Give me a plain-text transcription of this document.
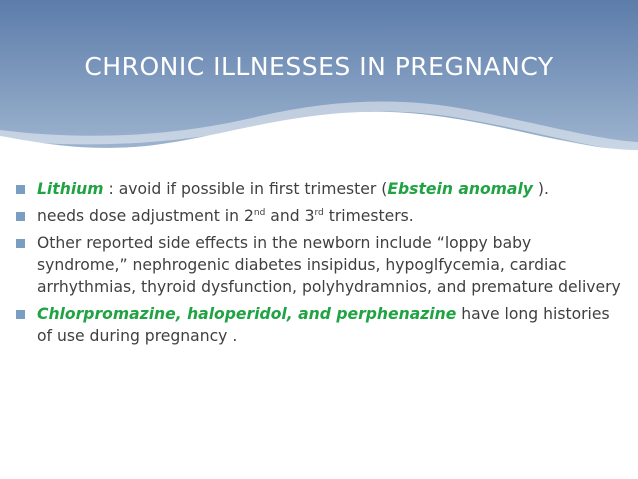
CHRONIC ILLNESSES IN PREGNANCY
Lithium : avoid if possible in first trimester (Ebstein anomaly ).
needs dose adjustment in 2nd and 3rd trimesters.
Other reported side effects in the newborn include “loppy baby syndrome,” nephrogenic diabetes insipidus, hypoglfycemia, cardiac arrhythmias, thyroid dysfunction, polyhydramnios, and premature delivery
Chlorpromazine, haloperidol, and perphenazine have long histories of use during pregnancy .
